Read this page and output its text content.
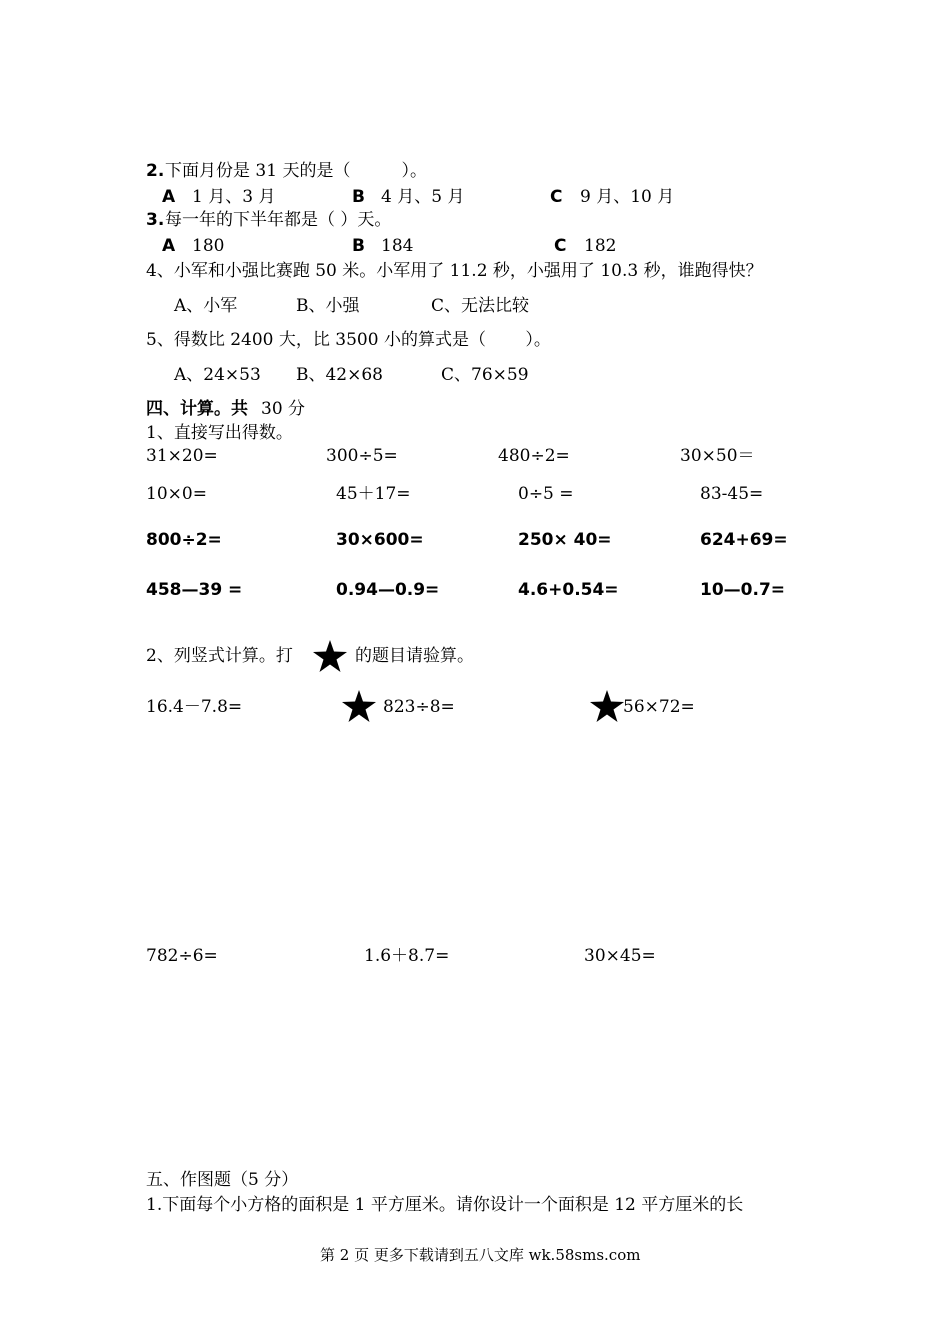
2. 下面月份是 31 天的是（　　　）。
A 1 月、3 月	B 4 月、5 月	C 9 月、10 月
3. 每一年的下半年都是（ ）天。
A 180	B 184	C 182
4、小军和小强比赛跑 50 米。小军用了 11.2 秒，小强用了 10.3 秒，谁跑得快？
A、小军	B、小强	C、无法比较
5、得数比 2400 大，比 3500 小的算式是（　　 ）。
A、24×53 B、42×68	C、76×59
四、计算。共 30 分
1、直接写出得数。
31×20=	300÷5=	480÷2=	30×50＝
10×0=	45＋17=	0÷5 =	83-45=
800÷2=	30×600=	250× 40=	624+69=
458—39 =	0.94—0.9=	4.6+0.54=	10—0.7=
2、列竖式计算。打	的题目请验算。
16.4－7.8=	823÷8=	56×72=
782÷6=	1.6＋8.7=	30×45=
五、作图题（5 分）
1.下面每个小方格的面积是 1 平方厘米。请你设计一个面积是 12 平方厘米的长
第 2 页 更多下载请到五八文库 wk.58sms.com
